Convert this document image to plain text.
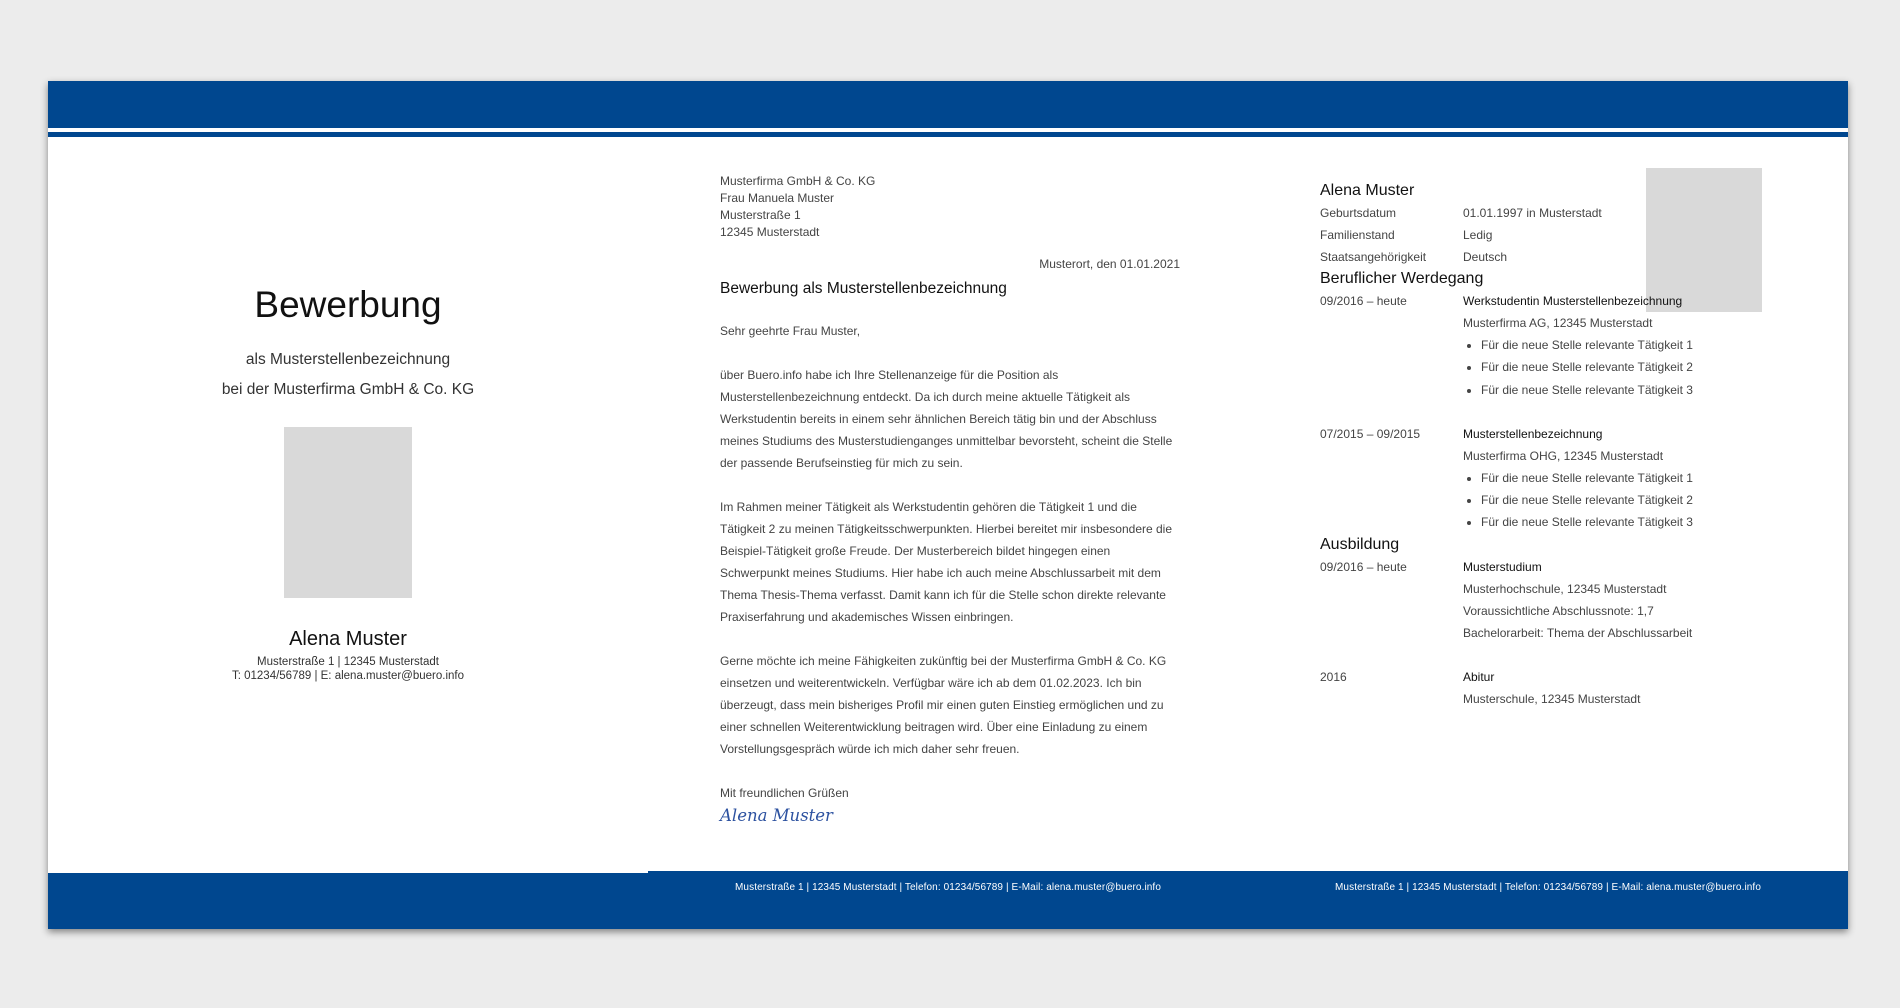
Bewerbung
als Musterstellenbezeichnung
bei der Musterfirma GmbH & Co. KG
Alena Muster
Musterstraße 1 | 12345 Musterstadt
T: 01234/56789 | E: alena.muster@buero.info
Musterfirma GmbH & Co. KG
Frau Manuela Muster
Musterstraße 1
12345 Musterstadt
Musterort, den 01.01.2021
Bewerbung als Musterstellenbezeichnung
Sehr geehrte Frau Muster,
über Buero.info habe ich Ihre Stellenanzeige für die Position als Musterstellenbezeichnung entdeckt. Da ich durch meine aktuelle Tätigkeit als Werkstudentin bereits in einem sehr ähnlichen Bereich tätig bin und der Abschluss meines Studiums des Musterstudienganges unmittelbar bevorsteht, scheint die Stelle der passende Berufseinstieg für mich zu sein.
Im Rahmen meiner Tätigkeit als Werkstudentin gehören die Tätigkeit 1 und die Tätigkeit 2 zu meinen Tätigkeitsschwerpunkten. Hierbei bereitet mir insbesondere die Beispiel-Tätigkeit große Freude. Der Musterbereich bildet hingegen einen Schwerpunkt meines Studiums. Hier habe ich auch meine Abschlussarbeit mit dem Thema Thesis-Thema verfasst. Damit kann ich für die Stelle schon direkte relevante Praxiserfahrung und akademisches Wissen einbringen.
Gerne möchte ich meine Fähigkeiten zukünftig bei der Musterfirma GmbH & Co. KG einsetzen und weiterentwickeln. Verfügbar wäre ich ab dem 01.02.2023. Ich bin überzeugt, dass mein bisheriges Profil mir einen guten Einstieg ermöglichen und zu einer schnellen Weiterentwicklung beitragen wird. Über eine Einladung zu einem Vorstellungsgespräch würde ich mich daher sehr freuen.
Mit freundlichen Grüßen
Alena Muster
Alena Muster
Geburtsdatum	01.01.1997 in Musterstadt
Familienstand	Ledig
Staatsangehörigkeit	Deutsch
Beruflicher Werdegang
09/2016 – heute	Werkstudentin Musterstellenbezeichnung
Musterfirma AG, 12345 Musterstadt
• Für die neue Stelle relevante Tätigkeit 1
• Für die neue Stelle relevante Tätigkeit 2
• Für die neue Stelle relevante Tätigkeit 3
07/2015 – 09/2015	Musterstellenbezeichnung
Musterfirma OHG, 12345 Musterstadt
• Für die neue Stelle relevante Tätigkeit 1
• Für die neue Stelle relevante Tätigkeit 2
• Für die neue Stelle relevante Tätigkeit 3
Ausbildung
09/2016 – heute	Musterstudium
Musterhochschule, 12345 Musterstadt
Voraussichtliche Abschlussnote: 1,7
Bachelorarbeit: Thema der Abschlussarbeit
2016	Abitur
Musterschule, 12345 Musterstadt
Musterstraße 1 | 12345 Musterstadt | Telefon: 01234/56789 | E-Mail: alena.muster@buero.info	Musterstraße 1 | 12345 Musterstadt | Telefon: 01234/56789 | E-Mail: alena.muster@buero.info
